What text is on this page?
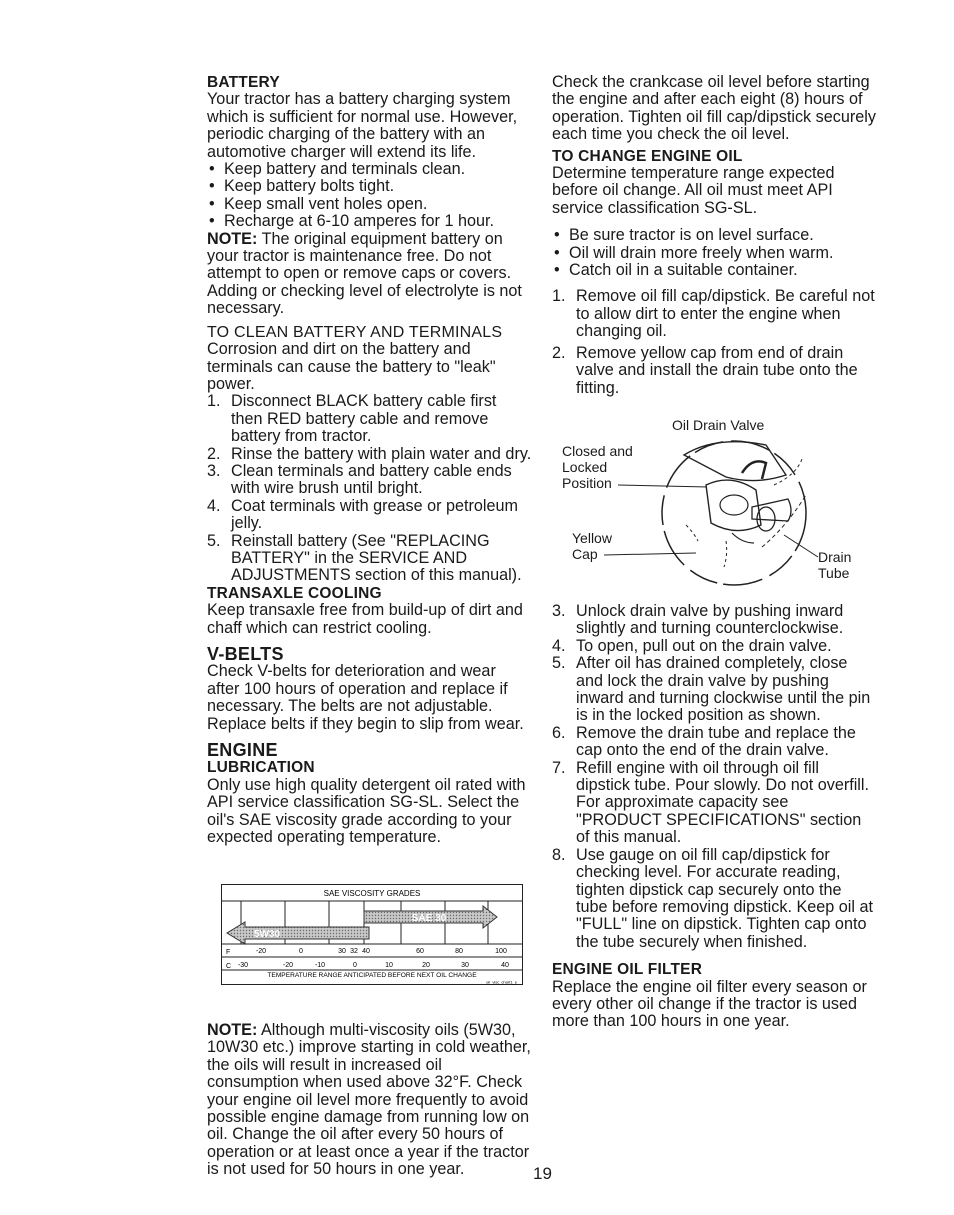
BATTERY

Your tractor has a battery charging system which is sufficient for normal use. However, periodic charging of the battery with an automotive charger will extend its life.

• Keep battery and terminals clean.
• Keep battery bolts tight.
• Keep small vent holes open.
• Recharge at 6-10 amperes for 1 hour.

NOTE: The original equipment battery on your tractor is maintenance free. Do not attempt to open or remove caps or covers. Adding or checking level of electrolyte is not necessary.

TO CLEAN BATTERY AND TERMINALS

Corrosion and dirt on the battery and terminals can cause the battery to "leak" power.

1. Disconnect BLACK battery cable first then RED battery cable and remove battery from tractor.
2. Rinse the battery with plain water and dry.
3. Clean terminals and battery cable ends with wire brush until bright.
4. Coat terminals with grease or petroleum jelly.
5. Reinstall battery (See "REPLACING BATTERY" in the SERVICE AND ADJUSTMENTS section of this manual).

TRANSAXLE COOLING

Keep transaxle free from build-up of dirt and chaff which can restrict cooling.

V-BELTS

Check V-belts for deterioration and wear after 100 hours of operation and replace if necessary. The belts are not adjustable. Replace belts if they begin to slip from wear.

ENGINE

LUBRICATION

Only use high quality detergent oil rated with API service classification SG-SL. Select the oil's SAE viscosity grade according to your expected operating temperature.

SAE VISCOSITY GRADES
SAE 30
5W30
F	-20	0	30 32 40	60	80	100
C -30	-20	-10	0	10	20	30	40
TEMPERATURE RANGE ANTICIPATED BEFORE NEXT OIL CHANGE
oil_visc_chart1_e

NOTE: Although multi-viscosity oils (5W30, 10W30 etc.) improve starting in cold weather, the oils will result in increased oil consumption when used above 32°F. Check your engine oil level more frequently to avoid possible engine damage from running low on oil. Change the oil after every 50 hours of operation or at least once a year if the tractor is not used for 50 hours in one year.

Check the crankcase oil level before starting the engine and after each eight (8) hours of operation. Tighten oil fill cap/dipstick securely each time you check the oil level.

TO CHANGE ENGINE OIL

Determine temperature range expected before oil change. All oil must meet API service classification SG-SL.

• Be sure tractor is on level surface.
• Oil will drain more freely when warm.
• Catch oil in a suitable container.
1. Remove oil fill cap/dipstick. Be careful not to allow dirt to enter the engine when changing oil.
2. Remove yellow cap from end of drain valve and install the drain tube onto the fitting.
Oil Drain Valve
Closed and Locked Position
Yellow Cap	Drain Tube
3. Unlock drain valve by pushing inward slightly and turning counterclockwise.
4. To open, pull out on the drain valve.
5. After oil has drained completely, close and lock the drain valve by pushing inward and turning clockwise until the pin is in the locked position as shown.
6. Remove the drain tube and replace the cap onto the end of the drain valve.
7. Refill engine with oil through oil fill dipstick tube. Pour slowly. Do not overfill. For approximate capacity see "PRODUCT SPECIFICATIONS" section of this manual.
8. Use gauge on oil fill cap/dipstick for checking level. For accurate reading, tighten dipstick cap securely onto the tube before removing dipstick. Keep oil at "FULL" line on dipstick. Tighten cap onto the tube securely when finished.

ENGINE OIL FILTER

Replace the engine oil filter every season or every other oil change if the tractor is used more than 100 hours in one year.

19
